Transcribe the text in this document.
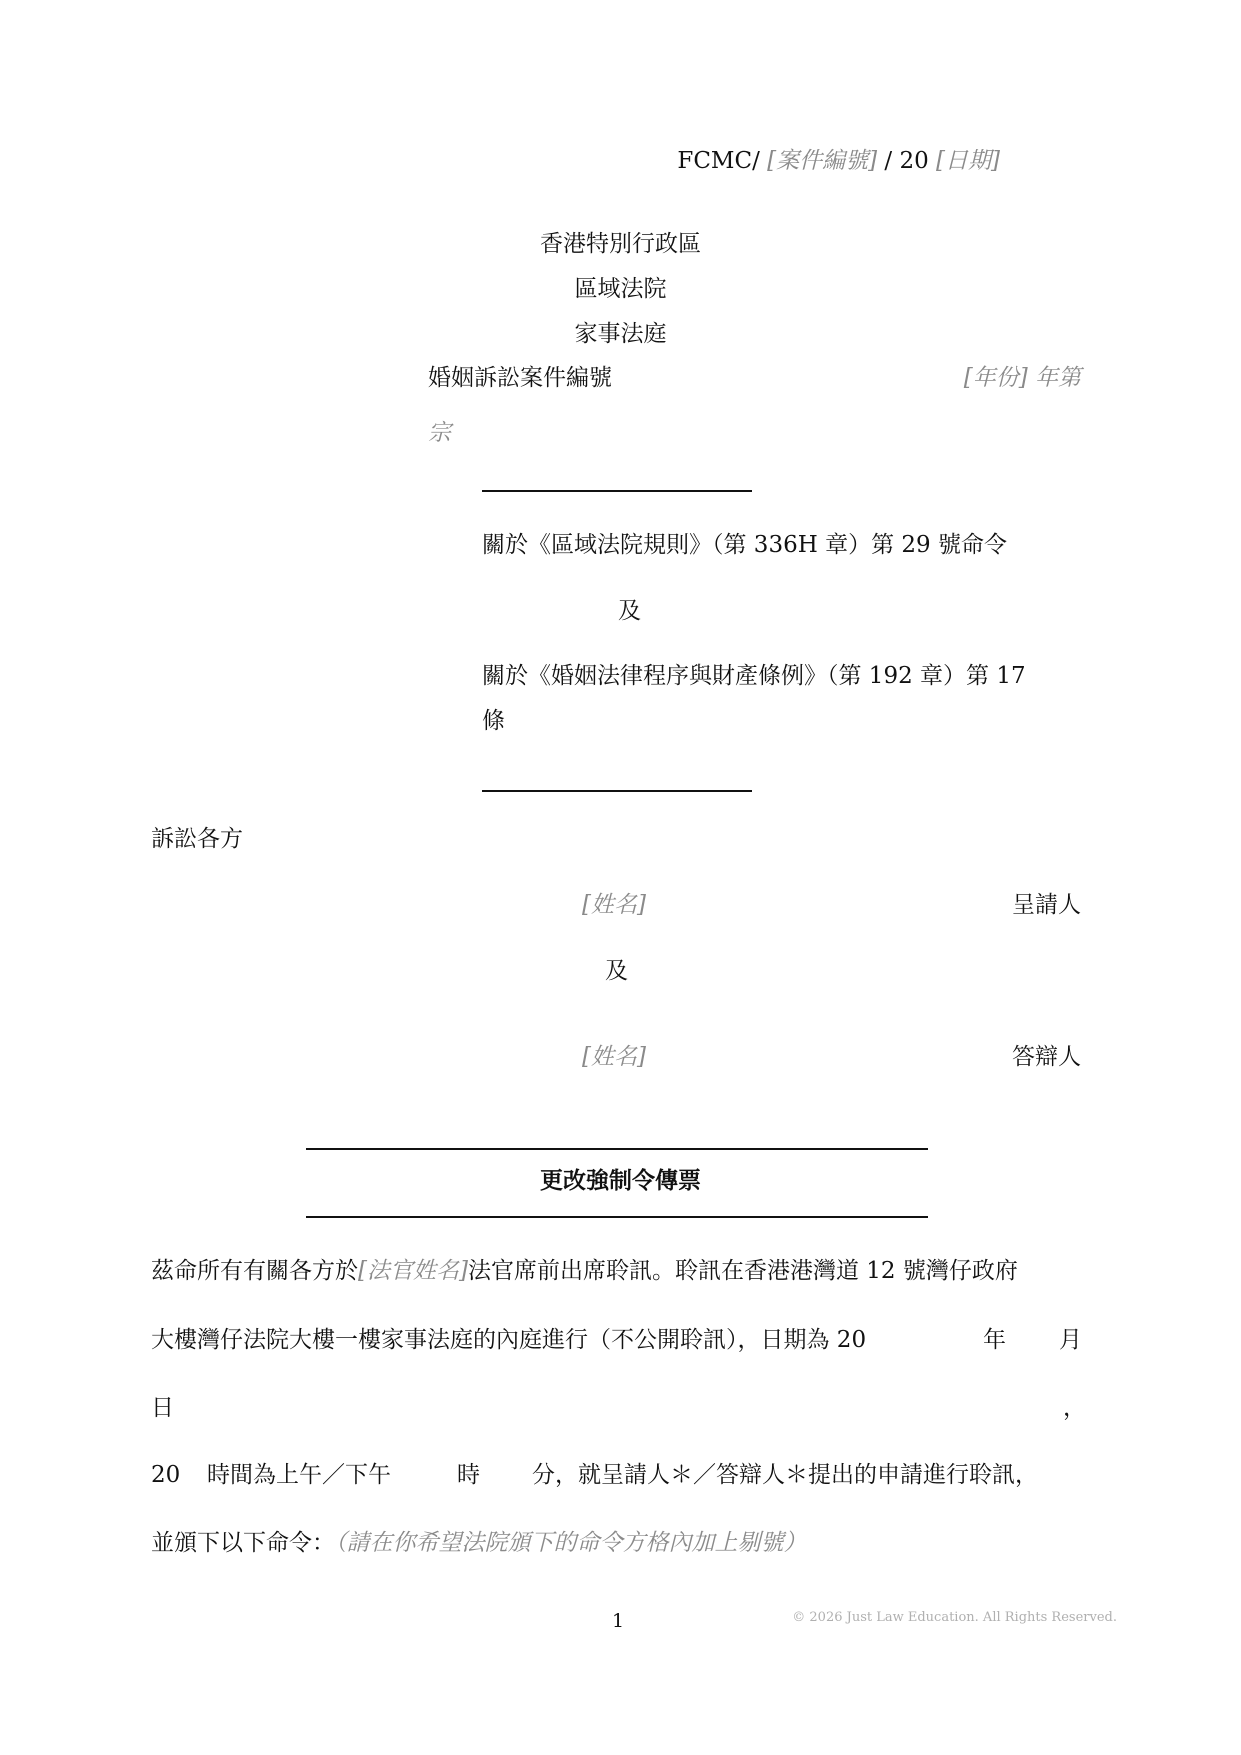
FCMC/ [案件編號] / 20 [日期]
香港特別行政區
區域法院
家事法庭
婚姻訴訟案件編號	[年份] 年第
宗
關於《區域法院規則》（第 336H 章）第 29 號命令
及
關於《婚姻法律程序與財產條例》（第 192 章）第 17
條
訴訟各方
[姓名]	呈請人
及
[姓名]	答辯人
更改強制令傳票
茲命所有有關各方於[法官姓名]法官席前出席聆訊。聆訊在香港港灣道 12 號灣仔政府
大樓灣仔法院大樓一樓家事法庭的內庭進行（不公開聆訊），日期為 20	年 月
日	，
20 時間為上午／下午	時 分，就呈請人＊／答辯人＊提出的申請進行聆訊，
並頒下以下命令：（請在你希望法院頒下的命令方格內加上剔號）
1	© 2026 Just Law Education. All Rights Reserved.
